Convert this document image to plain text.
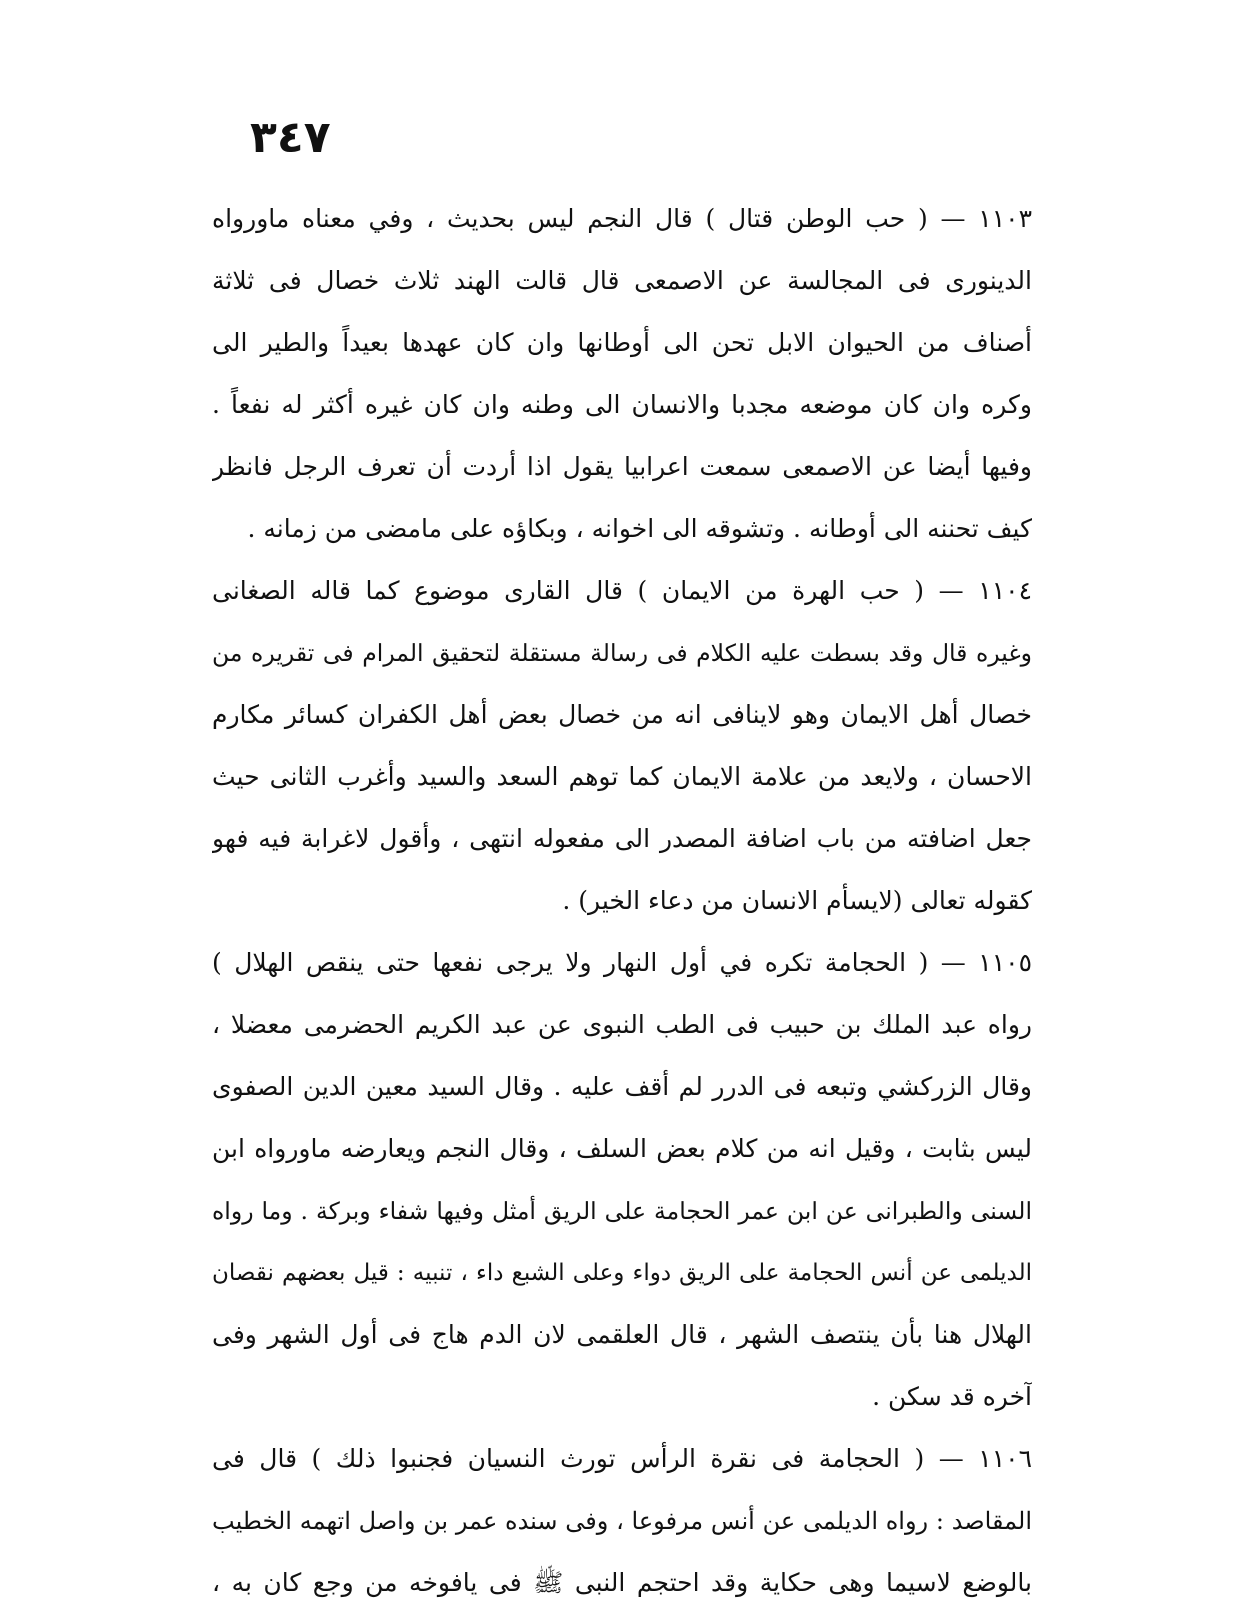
٣٤٧
١١٠٣ — ( حب الوطن قتال ) قال النجم ليس بحديث ، وفي معناه ماورواه
الدينورى فى المجالسة عن الاصمعى قال قالت الهند ثلاث خصال فى ثلاثة
أصناف من الحيوان الابل تحن الى أوطانها وان كان عهدها بعيداً والطير الى
وكره وان كان موضعه مجدبا والانسان الى وطنه وان كان غيره أكثر له نفعاً .
وفيها أيضا عن الاصمعى سمعت اعرابيا يقول اذا أردت أن تعرف الرجل فانظر
كيف تحننه الى أوطانه . وتشوقه الى اخوانه ، وبكاؤه على مامضى من زمانه .
١١٠٤ — ( حب الهرة من الايمان ) قال القارى موضوع كما قاله الصغانى
وغيره قال وقد بسطت عليه الكلام فى رسالة مستقلة لتحقيق المرام فى تقريره من
خصال أهل الايمان وهو لاينافى انه من خصال بعض أهل الكفران كسائر مكارم
الاحسان ، ولايعد من علامة الايمان كما توهم السعد والسيد وأغرب الثانى حيث
جعل اضافته من باب اضافة المصدر الى مفعوله انتهى ، وأقول لاغرابة فيه فهو
كقوله تعالى (لايسأم الانسان من دعاء الخير) .
١١٠٥ — ( الحجامة تكره في أول النهار ولا يرجى نفعها حتى ينقص الهلال )
رواه عبد الملك بن حبيب فى الطب النبوى عن عبد الكريم الحضرمى معضلا ،
وقال الزركشي وتبعه فى الدرر لم أقف عليه . وقال السيد معين الدين الصفوى
ليس بثابت ، وقيل انه من كلام بعض السلف ، وقال النجم ويعارضه ماورواه ابن
السنى والطبرانى عن ابن عمر الحجامة على الريق أمثل وفيها شفاء وبركة . وما رواه
الديلمى عن أنس الحجامة على الريق دواء وعلى الشبع داء ، تنبيه : قيل بعضهم نقصان
الهلال هنا بأن ينتصف الشهر ، قال العلقمى لان الدم هاج فى أول الشهر وفى
آخره قد سكن .
١١٠٦ — ( الحجامة فى نقرة الرأس تورث النسيان فجنبوا ذلك ) قال فى
المقاصد : رواه الديلمى عن أنس مرفوعا ، وفى سنده عمر بن واصل اتهمه الخطيب
بالوضع لاسيما وهى حكاية وقد احتجم النبى ﷺ فى يافوخه من وجع كان به ،
